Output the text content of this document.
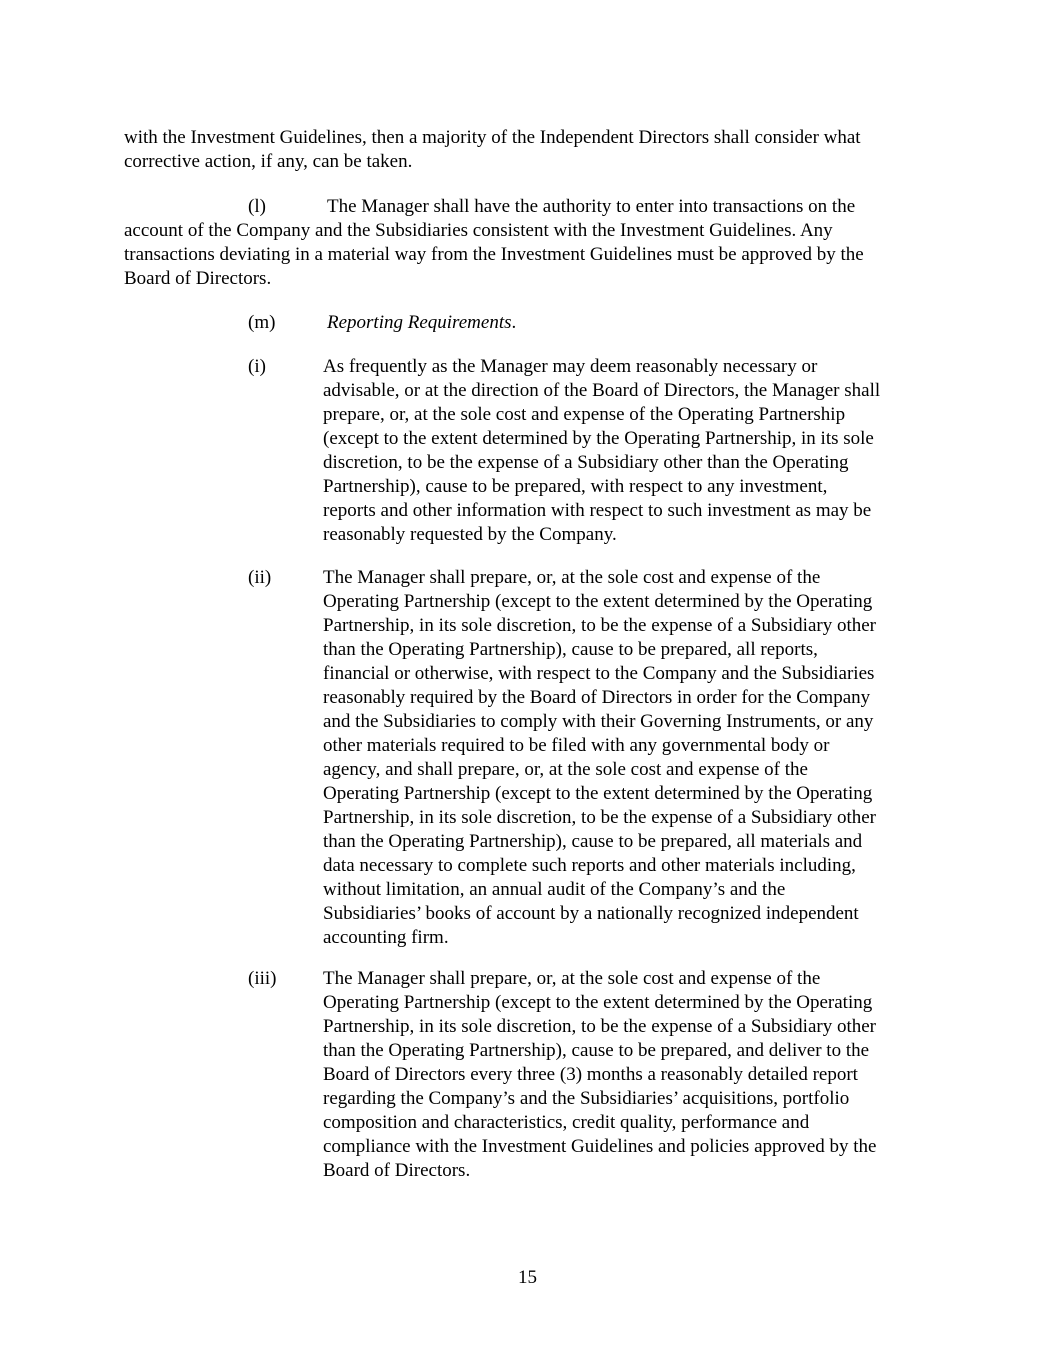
with the Investment Guidelines, then a majority of the Independent Directors shall consider what
corrective action, if any, can be taken.
(l)	The Manager shall have the authority to enter into transactions on the
account of the Company and the Subsidiaries consistent with the Investment Guidelines. Any
transactions deviating in a material way from the Investment Guidelines must be approved by the
Board of Directors.
(m)	Reporting Requirements.
(i)	As frequently as the Manager may deem reasonably necessary or
advisable, or at the direction of the Board of Directors, the Manager shall
prepare, or, at the sole cost and expense of the Operating Partnership
(except to the extent determined by the Operating Partnership, in its sole
discretion, to be the expense of a Subsidiary other than the Operating
Partnership), cause to be prepared, with respect to any investment,
reports and other information with respect to such investment as may be
reasonably requested by the Company.
(ii)	The Manager shall prepare, or, at the sole cost and expense of the
Operating Partnership (except to the extent determined by the Operating
Partnership, in its sole discretion, to be the expense of a Subsidiary other
than the Operating Partnership), cause to be prepared, all reports,
financial or otherwise, with respect to the Company and the Subsidiaries
reasonably required by the Board of Directors in order for the Company
and the Subsidiaries to comply with their Governing Instruments, or any
other materials required to be filed with any governmental body or
agency, and shall prepare, or, at the sole cost and expense of the
Operating Partnership (except to the extent determined by the Operating
Partnership, in its sole discretion, to be the expense of a Subsidiary other
than the Operating Partnership), cause to be prepared, all materials and
data necessary to complete such reports and other materials including,
without limitation, an annual audit of the Company’s and the
Subsidiaries’ books of account by a nationally recognized independent
accounting firm.
(iii) The Manager shall prepare, or, at the sole cost and expense of the
Operating Partnership (except to the extent determined by the Operating
Partnership, in its sole discretion, to be the expense of a Subsidiary other
than the Operating Partnership), cause to be prepared, and deliver to the
Board of Directors every three (3) months a reasonably detailed report
regarding the Company’s and the Subsidiaries’ acquisitions, portfolio
composition and characteristics, credit quality, performance and
compliance with the Investment Guidelines and policies approved by the
Board of Directors.

15
